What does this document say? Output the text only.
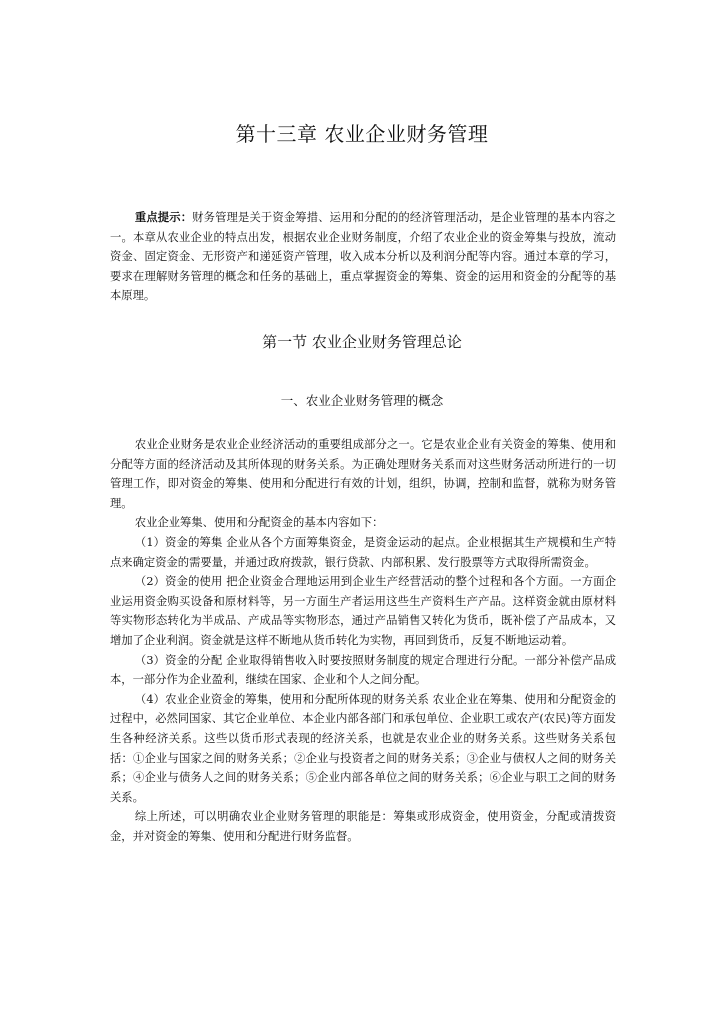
第十三章 农业企业财务管理
重点提示：财务管理是关于资金筹措、运用和分配的的经济管理活动，是企业管理的基本内容之一。本章从农业企业的特点出发，根据农业企业财务制度，介绍了农业企业的资金筹集与投放，流动资金、固定资金、无形资产和递延资产管理，收入成本分析以及利润分配等内容。通过本章的学习，要求在理解财务管理的概念和任务的基础上，重点掌握资金的筹集、资金的运用和资金的分配等的基本原理。
第一节 农业企业财务管理总论
一、农业企业财务管理的概念

农业企业财务是农业企业经济活动的重要组成部分之一。它是农业企业有关资金的筹集、使用和分配等方面的经济活动及其所体现的财务关系。为正确处理财务关系而对这些财务活动所进行的一切管理工作，即对资金的筹集、使用和分配进行有效的计划，组织，协调，控制和监督，就称为财务管理。

农业企业筹集、使用和分配资金的基本内容如下：

（1）资金的筹集 企业从各个方面筹集资金，是资金运动的起点。企业根据其生产规模和生产特点来确定资金的需要量，并通过政府拨款，银行贷款、内部积累、发行股票等方式取得所需资金。

（2）资金的使用 把企业资金合理地运用到企业生产经营活动的整个过程和各个方面。一方面企业运用资金购买设备和原材料等，另一方面生产者运用这些生产资料生产产品。这样资金就由原材料等实物形态转化为半成品、产成品等实物形态，通过产品销售又转化为货币，既补偿了产品成本，又增加了企业利润。资金就是这样不断地从货币转化为实物，再回到货币，反复不断地运动着。

（3）资金的分配 企业取得销售收入时要按照财务制度的规定合理进行分配。一部分补偿产品成本，一部分作为企业盈利，继续在国家、企业和个人之间分配。

（4）农业企业资金的筹集，使用和分配所体现的财务关系 农业企业在筹集、使用和分配资金的过程中，必然同国家、其它企业单位、本企业内部各部门和承包单位、企业职工或农产(农民)等方面发生各种经济关系。这些以货币形式表现的经济关系，也就是农业企业的财务关系。这些财务关系包括：①企业与国家之间的财务关系；②企业与投资者之间的财务关系；③企业与债权人之间的财务关系；④企业与债务人之间的财务关系；⑤企业内部各单位之间的财务关系；⑥企业与职工之间的财务关系。

综上所述，可以明确农业企业财务管理的职能是：筹集或形成资金，使用资金，分配或清拨资金，并对资金的筹集、使用和分配进行财务监督。
